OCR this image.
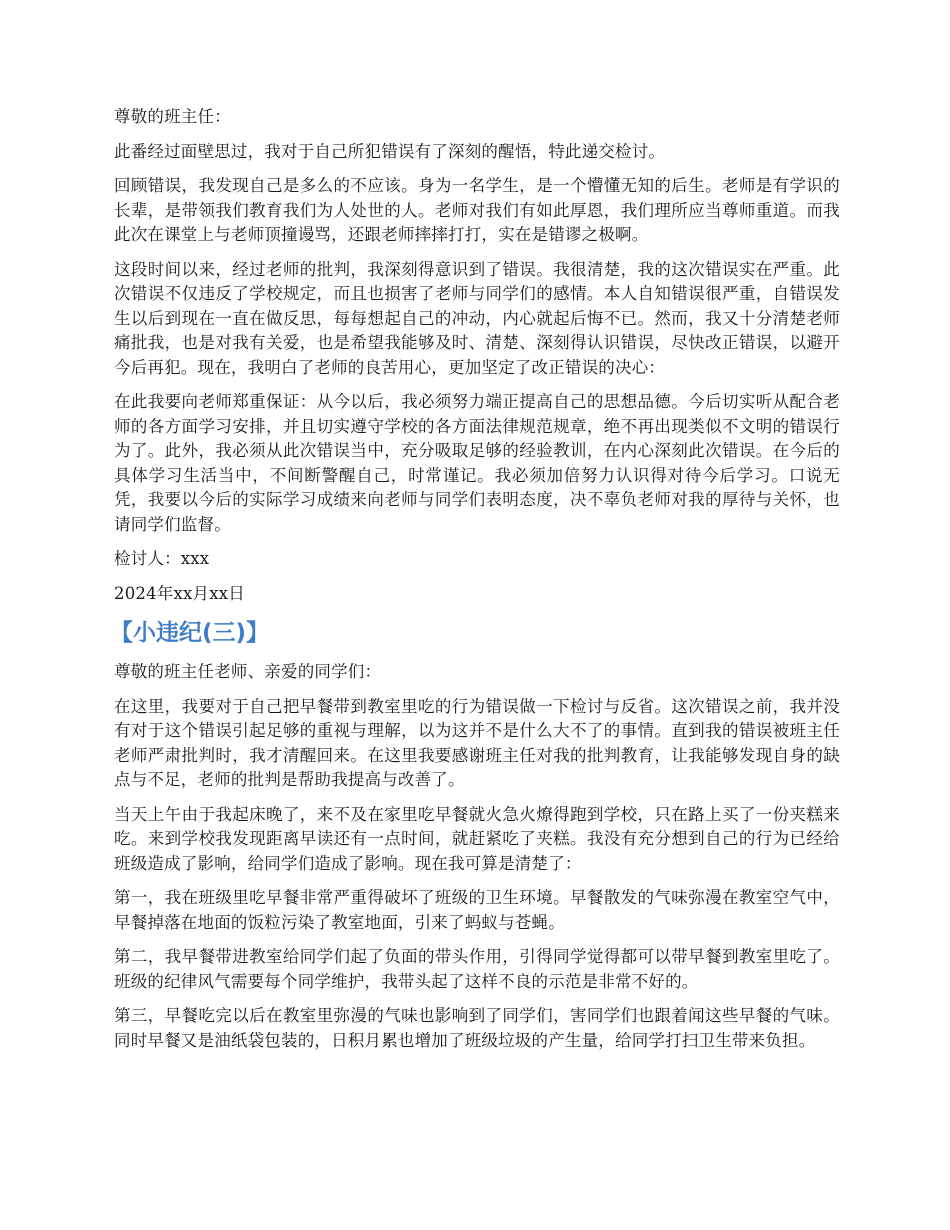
尊敬的班主任：

此番经过面壁思过，我对于自己所犯错误有了深刻的醒悟，特此递交检讨。

回顾错误，我发现自己是多么的不应该。身为一名学生，是一个懵懂无知的后生。老师是有学识的长辈，是带领我们教育我们为人处世的人。老师对我们有如此厚恩，我们理所应当尊师重道。而我此次在课堂上与老师顶撞谩骂，还跟老师摔摔打打，实在是错谬之极啊。

这段时间以来，经过老师的批判，我深刻得意识到了错误。我很清楚，我的这次错误实在严重。此次错误不仅违反了学校规定，而且也损害了老师与同学们的感情。本人自知错误很严重，自错误发生以后到现在一直在做反思，每每想起自己的冲动，内心就起后悔不已。然而，我又十分清楚老师痛批我，也是对我有关爱，也是希望我能够及时、清楚、深刻得认识错误，尽快改正错误，以避开今后再犯。现在，我明白了老师的良苦用心，更加坚定了改正错误的决心：

在此我要向老师郑重保证：从今以后，我必须努力端正提高自己的思想品德。今后切实听从配合老师的各方面学习安排，并且切实遵守学校的各方面法律规范规章，绝不再出现类似不文明的错误行为了。此外，我必须从此次错误当中，充分吸取足够的经验教训，在内心深刻此次错误。在今后的具体学习生活当中，不间断警醒自己，时常谨记。我必须加倍努力认识得对待今后学习。口说无凭，我要以今后的实际学习成绩来向老师与同学们表明态度，决不辜负老师对我的厚待与关怀，也请同学们监督。

检讨人：xxx

2024年xx月xx日

【小违纪(三)】

尊敬的班主任老师、亲爱的同学们：

在这里，我要对于自己把早餐带到教室里吃的行为错误做一下检讨与反省。这次错误之前，我并没有对于这个错误引起足够的重视与理解，以为这并不是什么大不了的事情。直到我的错误被班主任老师严肃批判时，我才清醒回来。在这里我要感谢班主任对我的批判教育，让我能够发现自身的缺点与不足，老师的批判是帮助我提高与改善了。

当天上午由于我起床晚了，来不及在家里吃早餐就火急火燎得跑到学校，只在路上买了一份夹糕来吃。来到学校我发现距离早读还有一点时间，就赶紧吃了夹糕。我没有充分想到自己的行为已经给班级造成了影响，给同学们造成了影响。现在我可算是清楚了：

第一，我在班级里吃早餐非常严重得破坏了班级的卫生环境。早餐散发的气味弥漫在教室空气中，早餐掉落在地面的饭粒污染了教室地面，引来了蚂蚁与苍蝇。

第二，我早餐带进教室给同学们起了负面的带头作用，引得同学觉得都可以带早餐到教室里吃了。班级的纪律风气需要每个同学维护，我带头起了这样不良的示范是非常不好的。

第三，早餐吃完以后在教室里弥漫的气味也影响到了同学们，害同学们也跟着闻这些早餐的气味。同时早餐又是油纸袋包装的，日积月累也增加了班级垃圾的产生量，给同学打扫卫生带来负担。
